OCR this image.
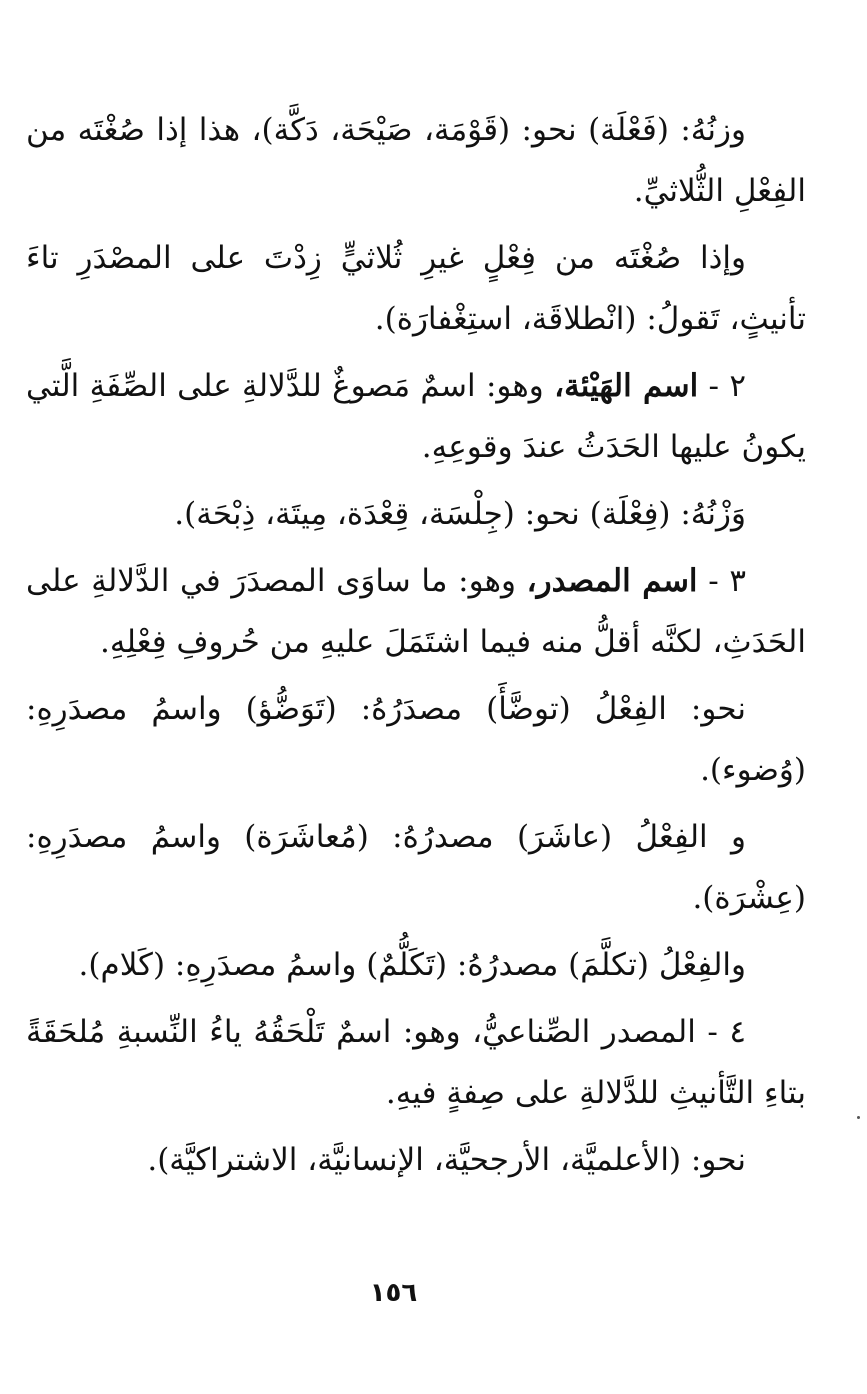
وزنُهُ: (فَعْلَة) نحو: (قَوْمَة، صَيْحَة، دَكَّة)، هذا إذا صُغْتَه من الفِعْلِ الثُّلاثيِّ.

وإذا صُغْتَه من فِعْلٍ غيرِ ثُلاثيٍّ زِدْتَ على المصْدَرِ تاءَ تأنيثٍ، تَقولُ: (انْطلاقَة، استِغْفارَة).

٢ - اسم الهَيْئة، وهو: اسمٌ مَصوغٌ للدَّلالةِ على الصِّفَةِ الَّتي يكونُ عليها الحَدَثُ عندَ وقوعِهِ.

وَزْنُهُ: (فِعْلَة) نحو: (جِلْسَة، قِعْدَة، مِيتَة، ذِبْحَة).

٣ - اسم المصدر، وهو: ما ساوَى المصدَرَ في الدَّلالةِ على الحَدَثِ، لكنَّه أقلُّ منه فيما اشتَمَلَ عليهِ من حُروفِ فِعْلِهِ.

نحو: الفِعْلُ (توضَّأَ) مصدَرُهُ: (تَوَضُّؤ) واسمُ مصدَرِهِ: (وُضوء).

و الفِعْلُ (عاشَرَ) مصدرُهُ: (مُعاشَرَة) واسمُ مصدَرِهِ: (عِشْرَة).

والفِعْلُ (تكلَّمَ) مصدرُهُ: (تَكَلُّمٌ) واسمُ مصدَرِهِ: (كَلام).

٤ - المصدر الصِّناعيُّ، وهو: اسمٌ تَلْحَقُهُ ياءُ النِّسبةِ مُلحَقَةً بتاءِ التَّأنيثِ للدَّلالةِ على صِفةٍ فيهِ.

نحو: (الأعلميَّة، الأرجحيَّة، الإنسانيَّة، الاشتراكيَّة).

١٥٦
